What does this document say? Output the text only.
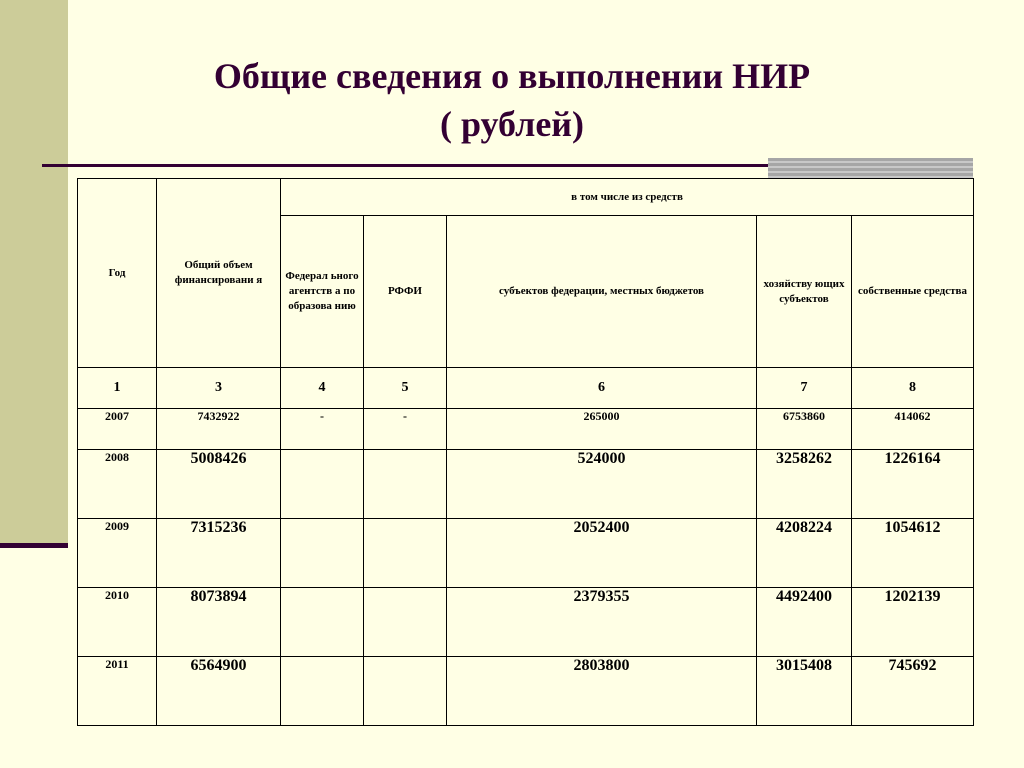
Общие сведения о выполнении НИР
( рублей)
Год	Общий объем финансировани я	в том числе из средств				
		Федерал ьного агентств а по образова нию	РФФИ	субъектов федерации, местных бюджетов	хозяйству ющих субъектов	собственные средства
1	3	4	5	6	7	8
2007	7432922	-	-	265000	6753860	414062
2008	5008426			524000	3258262	1226164
2009	7315236			2052400	4208224	1054612
2010	8073894			2379355	4492400	1202139
2011	6564900			2803800	3015408	745692
